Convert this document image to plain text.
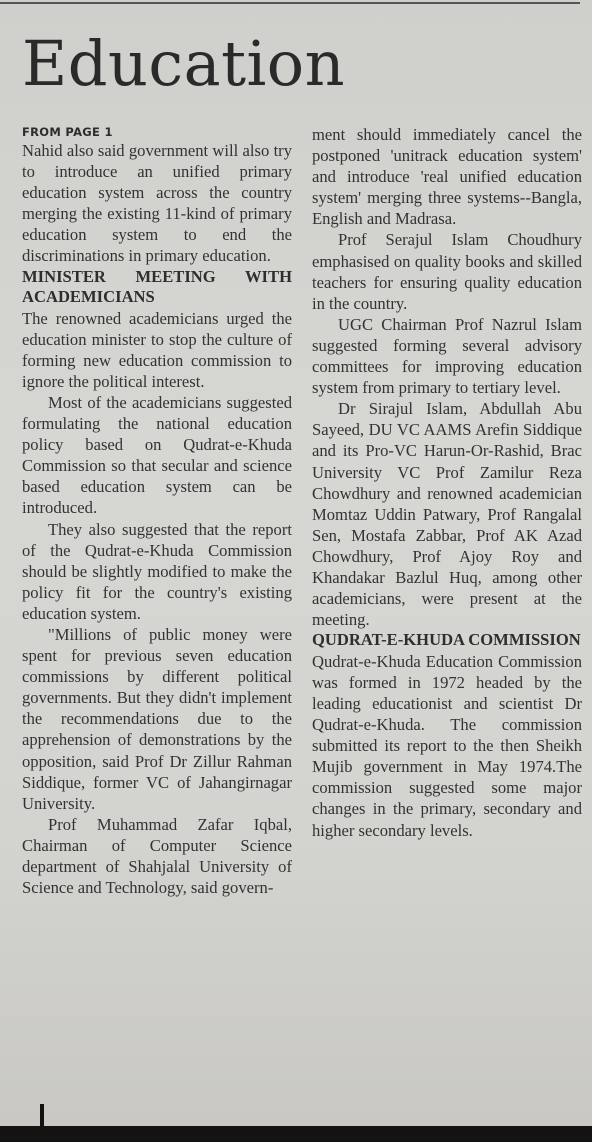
Education
FROM PAGE 1

Nahid also said government will also try to introduce an unified primary education system across the country merging the existing 11-kind of primary education system to end the discriminations in primary education.

MINISTER MEETING WITH ACADEMICIANS

The renowned academicians urged the education minister to stop the culture of forming new education commission to ignore the political interest.

Most of the academicians suggested formulating the national education policy based on Qudrat-e-Khuda Commission so that secular and science based education system can be introduced.

They also suggested that the report of the Qudrat-e-Khuda Commission should be slightly modified to make the policy fit for the country's existing education system.

"Millions of public money were spent for previous seven education commissions by different political governments. But they didn't implement the recommendations due to the apprehension of demonstrations by the opposition, said Prof Dr Zillur Rahman Siddique, former VC of Jahangirnagar University.

Prof Muhammad Zafar Iqbal, Chairman of Computer Science department of Shahjalal University of Science and Technology, said govern-

ment should immediately cancel the postponed 'unitrack education system' and introduce 'real unified education system' merging three systems--Bangla, English and Madrasa.

Prof Serajul Islam Choudhury emphasised on quality books and skilled teachers for ensuring quality education in the country.

UGC Chairman Prof Nazrul Islam suggested forming several advisory committees for improving education system from primary to tertiary level.

Dr Sirajul Islam, Abdullah Abu Sayeed, DU VC AAMS Arefin Siddique and its Pro-VC Harun-Or-Rashid, Brac University VC Prof Zamilur Reza Chowdhury and renowned academician Momtaz Uddin Patwary, Prof Rangalal Sen, Mostafa Zabbar, Prof AK Azad Chowdhury, Prof Ajoy Roy and Khandakar Bazlul Huq, among other academicians, were present at the meeting.

QUDRAT-E-KHUDA COMMISSION

Qudrat-e-Khuda Education Commission was formed in 1972 headed by the leading educationist and scientist Dr Qudrat-e-Khuda. The commission submitted its report to the then Sheikh Mujib government in May 1974.The commission suggested some major changes in the primary, secondary and higher secondary levels.
